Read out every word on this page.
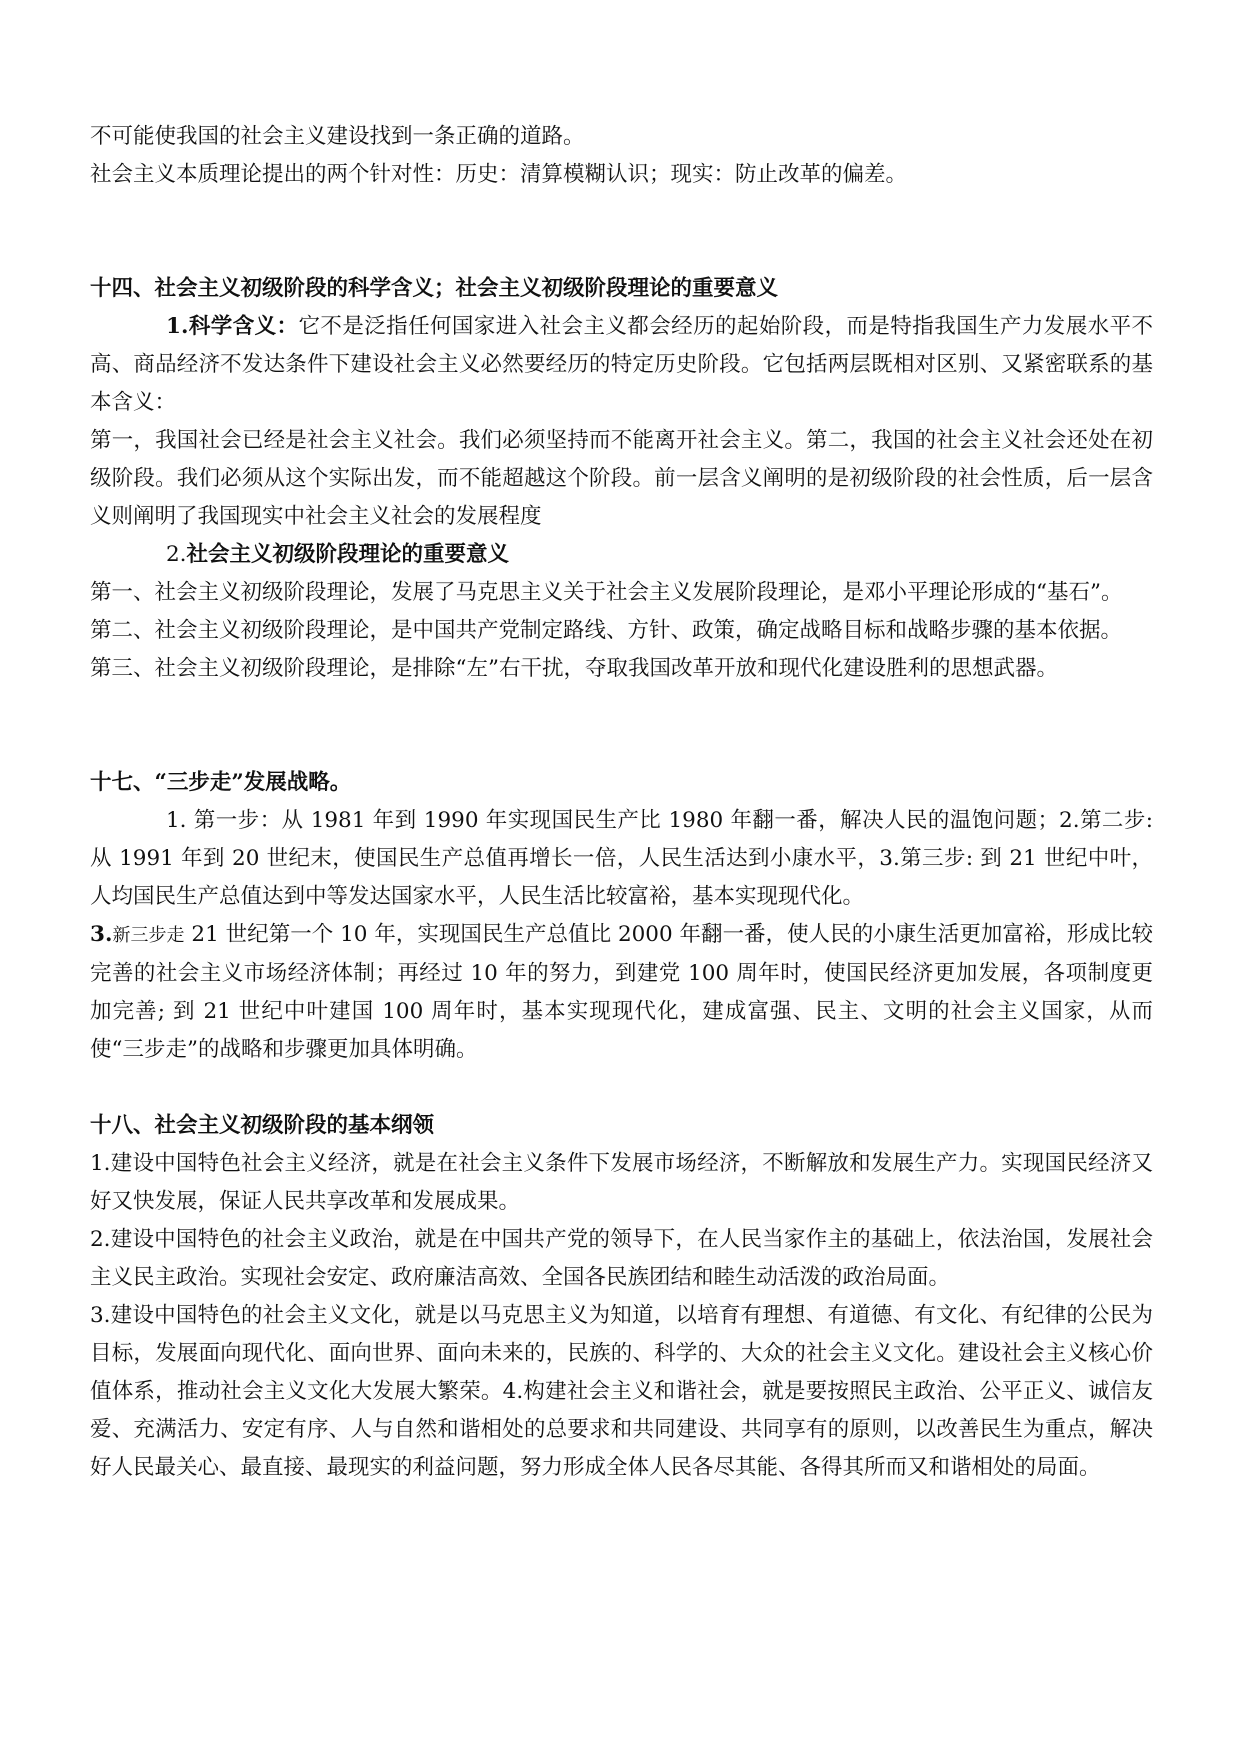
不可能使我国的社会主义建设找到一条正确的道路。

社会主义本质理论提出的两个针对性：历史：清算模糊认识；现实：防止改革的偏差。

十四、社会主义初级阶段的科学含义；社会主义初级阶段理论的重要意义

1.科学含义：它不是泛指任何国家进入社会主义都会经历的起始阶段，而是特指我国生产力发展水平不高、商品经济不发达条件下建设社会主义必然要经历的特定历史阶段。它包括两层既相对区别、又紧密联系的基本含义：

第一，我国社会已经是社会主义社会。我们必须坚持而不能离开社会主义。第二，我国的社会主义社会还处在初级阶段。我们必须从这个实际出发，而不能超越这个阶段。前一层含义阐明的是初级阶段的社会性质，后一层含义则阐明了我国现实中社会主义社会的发展程度

2.社会主义初级阶段理论的重要意义

第一、社会主义初级阶段理论，发展了马克思主义关于社会主义发展阶段理论，是邓小平理论形成的“基石”。

第二、社会主义初级阶段理论，是中国共产党制定路线、方针、政策，确定战略目标和战略步骤的基本依据。

第三、社会主义初级阶段理论，是排除“左”右干扰，夺取我国改革开放和现代化建设胜利的思想武器。

十七、“三步走”发展战略。

1. 第一步：从 1981 年到 1990 年实现国民生产比 1980 年翻一番，解决人民的温饱问题；2.第二步: 从 1991 年到 20 世纪末，使国民生产总值再增长一倍，人民生活达到小康水平，3.第三步: 到 21 世纪中叶，人均国民生产总值达到中等发达国家水平，人民生活比较富裕，基本实现现代化。

3.新三步走 21 世纪第一个 10 年，实现国民生产总值比 2000 年翻一番，使人民的小康生活更加富裕，形成比较完善的社会主义市场经济体制；再经过 10 年的努力，到建党 100 周年时，使国民经济更加发展，各项制度更加完善; 到 21 世纪中叶建国 100 周年时，基本实现现代化，建成富强、民主、文明的社会主义国家，从而使“三步走”的战略和步骤更加具体明确。

十八、社会主义初级阶段的基本纲领

1.建设中国特色社会主义经济，就是在社会主义条件下发展市场经济，不断解放和发展生产力。实现国民经济又好又快发展，保证人民共享改革和发展成果。

2.建设中国特色的社会主义政治，就是在中国共产党的领导下，在人民当家作主的基础上，依法治国，发展社会主义民主政治。实现社会安定、政府廉洁高效、全国各民族团结和睦生动活泼的政治局面。

3.建设中国特色的社会主义文化，就是以马克思主义为知道，以培育有理想、有道德、有文化、有纪律的公民为目标，发展面向现代化、面向世界、面向未来的，民族的、科学的、大众的社会主义文化。建设社会主义核心价值体系，推动社会主义文化大发展大繁荣。4.构建社会主义和谐社会，就是要按照民主政治、公平正义、诚信友爱、充满活力、安定有序、人与自然和谐相处的总要求和共同建设、共同享有的原则，以改善民生为重点，解决好人民最关心、最直接、最现实的利益问题，努力形成全体人民各尽其能、各得其所而又和谐相处的局面。
